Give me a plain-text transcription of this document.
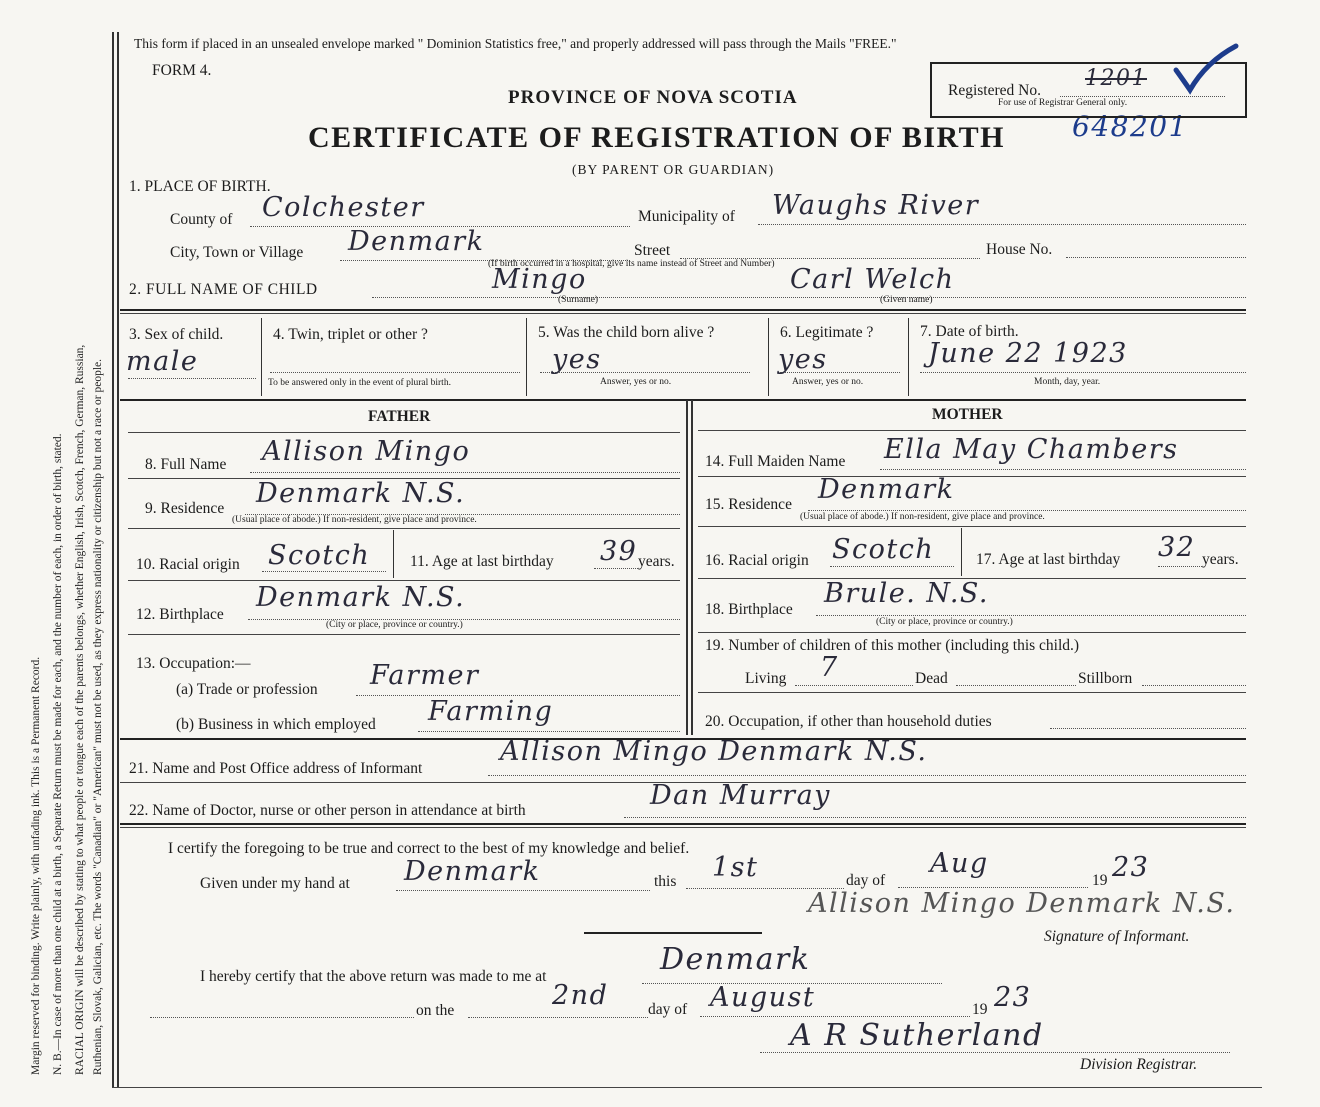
Margin reserved for binding. Write plainly, with unfading ink. This is a Permanent Record. N. B.—In case of more than one child at a birth, a Separate Return must be made for each, and the number of each, in order of birth, stated. RACIAL ORIGIN will be described by stating to what people or tongue each of the parents belongs, whether English, Irish, Scotch, French, German, Russian, Ruthenian, Slovak, Galician, etc. The words "Canadian" or "American" must not be used, as they express nationality or citizenship but not a race or people.
This form if placed in an unsealed envelope marked " Dominion Statistics free," and properly addressed will pass through the Mails "FREE."
FORM 4.
PROVINCE OF NOVA SCOTIA
CERTIFICATE OF REGISTRATION OF BIRTH 648201
(BY PARENT OR GUARDIAN)
Registered No. 1201
For use of Registrar General only.
1. PLACE OF BIRTH.
County of Colchester	Municipality of Waughs River
City, Town or Village Denmark	Street	House No.
(If birth occurred in a hospital, give its name instead of Street and Number)
2. FULL NAME OF CHILD	Mingo	Carl Welch
(Surname)	(Given name)
3. Sex of child.
male
4. Twin, triplet or other ?
To be answered only in the event of plural birth.
5. Was the child born alive ?
yes
Answer, yes or no.
6. Legitimate ?
yes
Answer, yes or no.
7. Date of birth.
June 22 1923
Month, day, year.
FATHER	MOTHER
8. Full Name Allison Mingo
9. Residence Denmark N.S.
(Usual place of abode.) If non-resident, give place and province.
10. Racial origin Scotch	11. Age at last birthday 39 years.
12. Birthplace
Denmark N.S.
(City or place, province or country.)
13. Occupation:—
(a) Trade or profession Farmer
(b) Business in which employed Farming
14. Full Maiden Name Ella May Chambers
15. Residence Denmark
(Usual place of abode.) If non-resident, give place and province.
16. Racial origin Scotch	17. Age at last birthday 32 years.
18. Birthplace
Brule. N.S.
(City or place, province or country.)
19. Number of children of this mother (including this child.)
Living 7	Dead	Stillborn
20. Occupation, if other than household duties
21. Name and Post Office address of Informant
Allison Mingo Denmark N.S.
22. Name of Doctor, nurse or other person in attendance at birth	Dan Murray
I certify the foregoing to be true and correct to the best of my knowledge and belief.
Given under my hand at Denmark	this 1st	day of
Aug
19 23
Allison Mingo Denmark N.S.
Signature of Informant.
I hereby certify that the above return was made to me at	Denmark
on the	2nd	day of August	19 23
A R Sutherland
Division Registrar.
